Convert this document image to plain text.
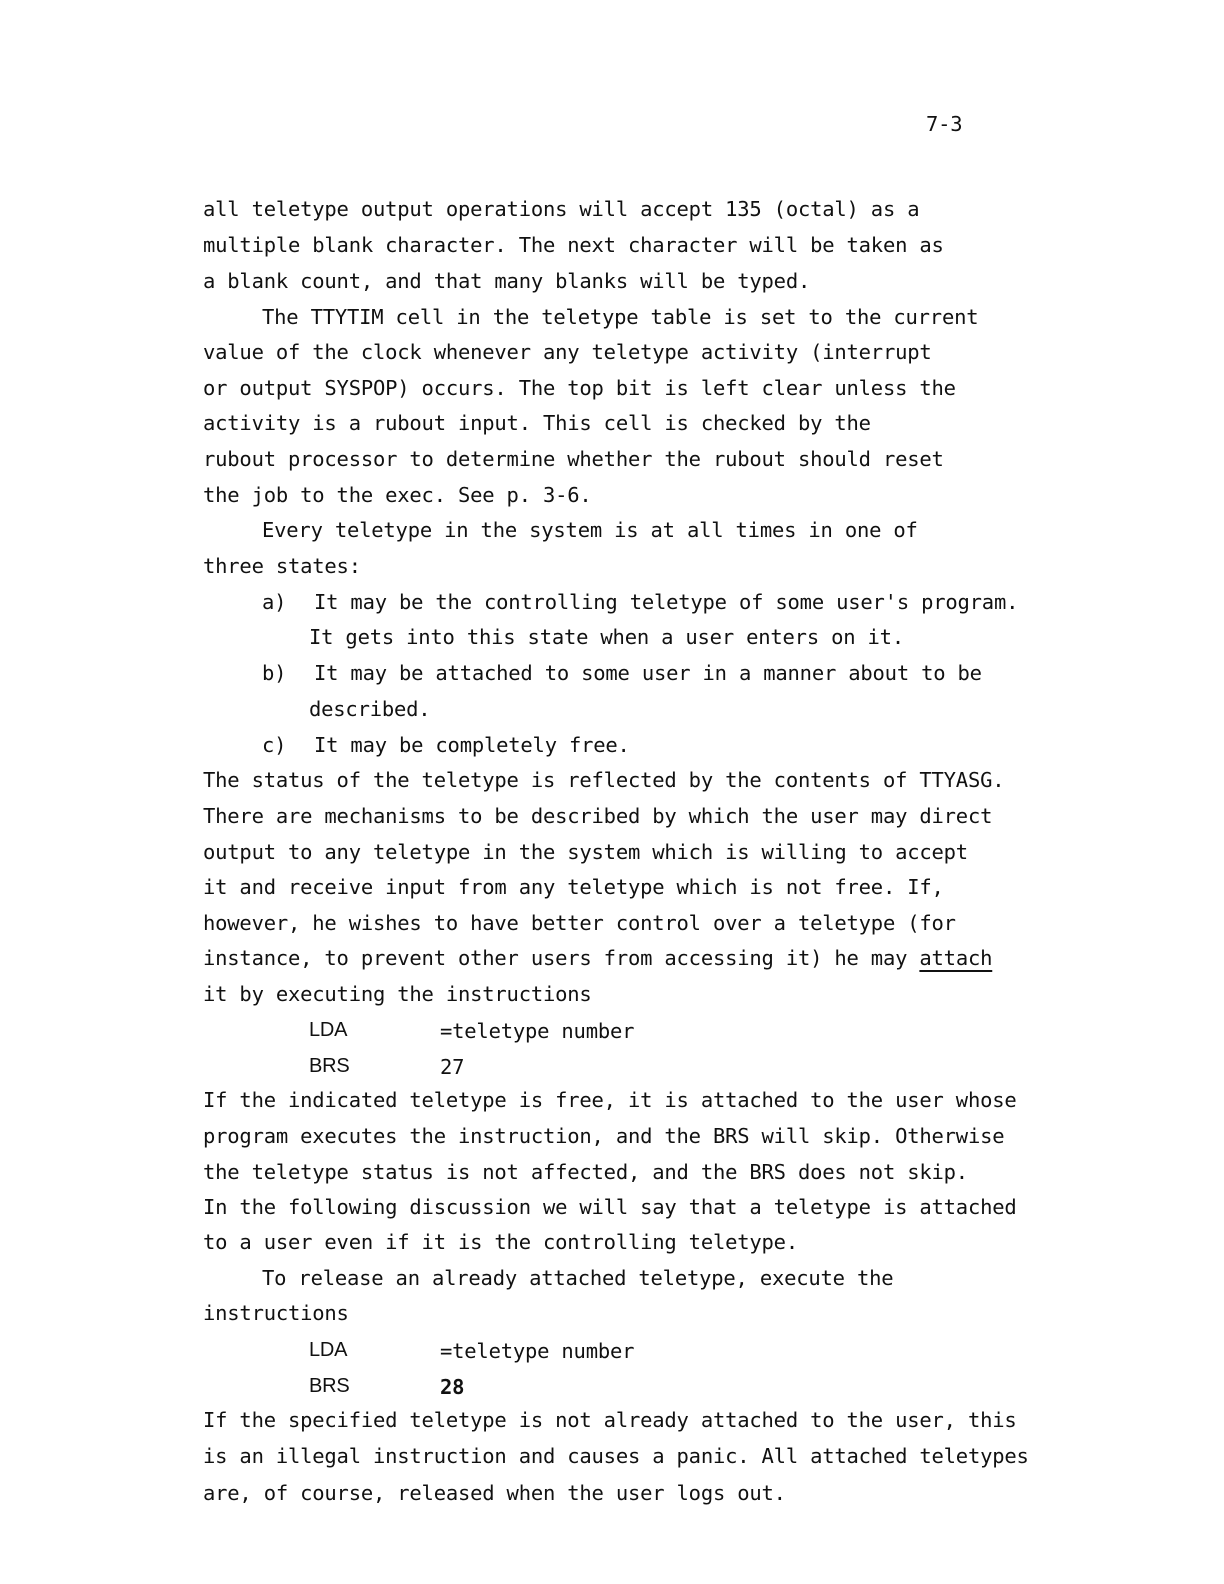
7-3
all teletype output operations will accept 135 (octal) as a
multiple blank character. The next character will be taken as
a blank count, and that many blanks will be typed.
The TTYTIM cell in the teletype table is set to the current
value of the clock whenever any teletype activity (interrupt
or output SYSPOP) occurs. The top bit is left clear unless the
activity is a rubout input. This cell is checked by the
rubout processor to determine whether the rubout should reset
the job to the exec. See p. 3-6.
Every teletype in the system is at all times in one of
three states:
a) It may be the controlling teletype of some user's program.
It gets into this state when a user enters on it.
b) It may be attached to some user in a manner about to be
described.
c) It may be completely free.
The status of the teletype is reflected by the contents of TTYASG.
There are mechanisms to be described by which the user may direct
output to any teletype in the system which is willing to accept
it and receive input from any teletype which is not free. If,
however, he wishes to have better control over a teletype (for
instance, to prevent other users from accessing it) he may attach
it by executing the instructions
LDA	=teletype number
BRS	27
If the indicated teletype is free, it is attached to the user whose
program executes the instruction, and the BRS will skip. Otherwise
the teletype status is not affected, and the BRS does not skip.
In the following discussion we will say that a teletype is attached
to a user even if it is the controlling teletype.
To release an already attached teletype, execute the
instructions
LDA	=teletype number
BRS	28
If the specified teletype is not already attached to the user, this
is an illegal instruction and causes a panic. All attached teletypes
are, of course, released when the user logs out.
